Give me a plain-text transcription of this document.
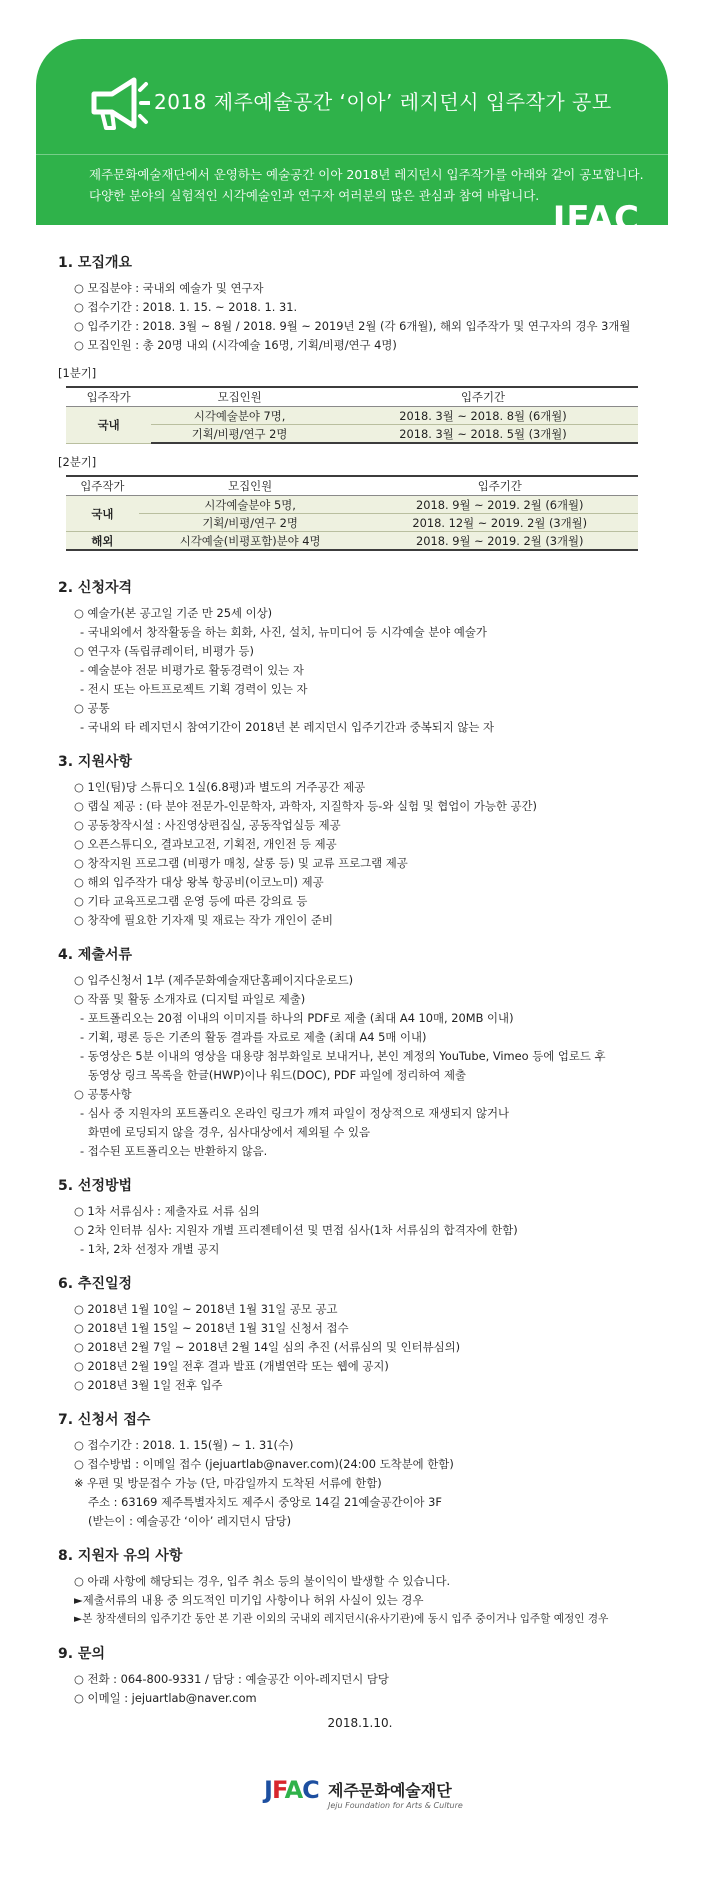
2018 제주예술공간 ‘이아’ 레지던시 입주작가 공모
제주문화예술재단에서 운영하는 예술공간 이아 2018년 레지던시 입주작가를 아래와 같이 공모합니다.
다양한 분야의 실험적인 시각예술인과 연구자 여러분의 많은 관심과 참여 바랍니다.
JFAC
1. 모집개요
○ 모집분야 : 국내외 예술가 및 연구자
○ 접수기간 : 2018. 1. 15. ~ 2018. 1. 31.
○ 입주기간 : 2018. 3월 ~ 8월 / 2018. 9월 ~ 2019년 2월 (각 6개월), 해외 입주작가 및 연구자의 경우 3개월
○ 모집인원 : 총 20명 내외 (시각예술 16명, 기획/비평/연구 4명)
[1분기]
입주작가	모집인원	입주기간
국내	시각예술분야 7명,	2018. 3월 ~ 2018. 8월 (6개월)
	기획/비평/연구 2명	2018. 3월 ~ 2018. 5월 (3개월)
[2분기]
입주작가	모집인원	입주기간
국내	시각예술분야 5명,	2018. 9월 ~ 2019. 2월 (6개월)
	기획/비평/연구 2명	2018. 12월 ~ 2019. 2월 (3개월)
해외	시각예술(비평포함)분야 4명	2018. 9월 ~ 2019. 2월 (3개월)
2. 신청자격
○ 예술가(본 공고일 기준 만 25세 이상)
- 국내외에서 창작활동을 하는 회화, 사진, 설치, 뉴미디어 등 시각예술 분야 예술가
○ 연구자 (독립큐레이터, 비평가 등)
- 예술분야 전문 비평가로 활동경력이 있는 자
- 전시 또는 아트프로젝트 기획 경력이 있는 자
○ 공통
- 국내외 타 레지던시 참여기간이 2018년 본 레지던시 입주기간과 중복되지 않는 자
3. 지원사항
○ 1인(팀)당 스튜디오 1실(6.8평)과 별도의 거주공간 제공
○ 랩실 제공 : (타 분야 전문가-인문학자, 과학자, 지질학자 등-와 실험 및 협업이 가능한 공간)
○ 공동창작시설 : 사진영상편집실, 공동작업실등 제공
○ 오픈스튜디오, 결과보고전, 기획전, 개인전 등 제공
○ 창작지원 프로그램 (비평가 매칭, 살롱 등) 및 교류 프로그램 제공
○ 해외 입주작가 대상 왕복 항공비(이코노미) 제공
○ 기타 교육프로그램 운영 등에 따른 강의료 등
○ 창작에 필요한 기자재 및 재료는 작가 개인이 준비
4. 제출서류
○ 입주신청서 1부 (제주문화예술재단홈페이지다운로드)
○ 작품 및 활동 소개자료 (디지털 파일로 제출)
- 포트폴리오는 20점 이내의 이미지를 하나의 PDF로 제출 (최대 A4 10매, 20MB 이내)
- 기획, 평론 등은 기존의 활동 결과를 자료로 제출 (최대 A4 5매 이내)
- 동영상은 5분 이내의 영상을 대용량 첨부화일로 보내거나, 본인 계정의 YouTube, Vimeo 등에 업로드 후
동영상 링크 목록을 한글(HWP)이나 워드(DOC), PDF 파일에 정리하여 제출
○ 공통사항
- 심사 중 지원자의 포트폴리오 온라인 링크가 깨져 파일이 정상적으로 재생되지 않거나
화면에 로딩되지 않을 경우, 심사대상에서 제외될 수 있음
- 접수된 포트폴리오는 반환하지 않음.
5. 선정방법
○ 1차 서류심사 : 제출자료 서류 심의
○ 2차 인터뷰 심사: 지원자 개별 프리젠테이션 및 면접 심사(1차 서류심의 합격자에 한함)
- 1차, 2차 선정자 개별 공지
6. 추진일정
○ 2018년 1월 10일 ~ 2018년 1월 31일 공모 공고
○ 2018년 1월 15일 ~ 2018년 1월 31일 신청서 접수
○ 2018년 2월 7일 ~ 2018년 2월 14일 심의 추진 (서류심의 및 인터뷰심의)
○ 2018년 2월 19일 전후 결과 발표 (개별연락 또는 웹에 공지)
○ 2018년 3월 1일 전후 입주
7. 신청서 접수
○ 접수기간 : 2018. 1. 15(월) ~ 1. 31(수)
○ 접수방법 : 이메일 접수 (jejuartlab@naver.com)(24:00 도착분에 한함)
※ 우편 및 방문접수 가능 (단, 마감일까지 도착된 서류에 한함)
주소 : 63169 제주특별자치도 제주시 중앙로 14길 21예술공간이아 3F
(받는이 : 예술공간 ‘이아’ 레지던시 담당)
8. 지원자 유의 사항
○ 아래 사항에 해당되는 경우, 입주 취소 등의 불이익이 발생할 수 있습니다.
►제출서류의 내용 중 의도적인 미기입 사항이나 허위 사실이 있는 경우
►본 창작센터의 입주기간 동안 본 기관 이외의 국내외 레지던시(유사기관)에 동시 입주 중이거나 입주할 예정인 경우
9. 문의
○ 전화 : 064-800-9331 / 담당 : 예술공간 이아-레지던시 담당
○ 이메일 : jejuartlab@naver.com
2018.1.10.
JFAC 제주문화예술재단
Jeju Foundation for Arts & Culture
